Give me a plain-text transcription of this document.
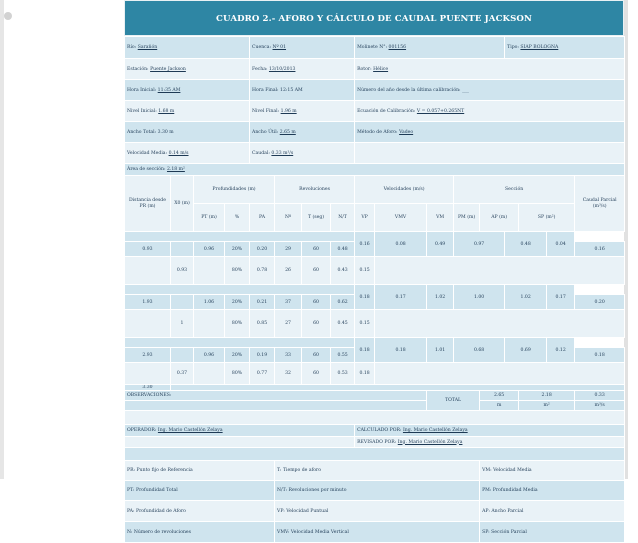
CUADRO 2.- AFORO Y CÁLCULO DE CAUDAL PUENTE JACKSON
Río: Sarañón				Cuenca: Nº 01				Molinete N°: 001156					Tipo: SIAP BOLOGNA			
Estación: Puente Jackson				Fecha: 13/10/2013				Rotor: Hélice								
Hora Inicial: 11:35 AM				Hora Final: 12:15 AM				Número del año desde la última calibración: ___								
Nivel Inicial: 1.68 m				Nivel Final: 1.96 m				Ecuación de Calibración: V = 0.057+0.265NT								
Ancho Total: 3.30 m				Ancho Útil: 2.65 m				Método de Aforo: Vadeo								
Velocidad Media: 0.14 m/s				Caudal: 0.33 m³/s												
Área de sección: 2.18 m²																
Distancia desde PR (m)	X0 (m)	Profundidades (m)			Revoluciones			Velocidades (m/s)			Sección					Caudal Parcial (m³/s)
		PT (m)	%	PA	Nº	T (seg)	N/T	VP	VMV	VM	PM (m)	AP (m)		SP (m²)		
								0.16	0.08	0.49	0.97		0.48		0.04
0.93		0.96	20%	0.20	29	60	0.48									0.16
	0.93		80%	0.78	26	60	0.43	0.15								
								0.18	0.17	1.02	1.00		1.02		0.17
1.93		1.06	20%	0.21	37	60	0.62									0.20
	1		80%	0.85	27	60	0.45	0.15								
								0.18	0.18	1.01	0.68		0.69		0.12
2.93		0.96	20%	0.19	33	60	0.55									0.18
	0.37		80%	0.77	32	60	0.53	0.18								
3.30																
OBSERVACIONES:										TOTAL		2.65		2.18		0.33
												m		m²		m³/s

OPERADOR: Ing. Mario Castellón Zelaya								CALCULADO POR: Ing. Mario Castellón Zelaya								
								REVISADO POR: Ing. Mario Castellón Zelaya								

PR: Punto fijo de Referencia					T: Tiempo de aforo							VM: Velocidad Media				
PT: Profundidad Total					N/T: Revoluciones por minuto							PM: Profundidad Media				
PA: Profundidad de Aforo					VP: Velocidad Puntual							AP: Ancho Parcial				
N: Número de revoluciones					VMV: Velocidad Media Vertical							SP: Sección Parcial				
